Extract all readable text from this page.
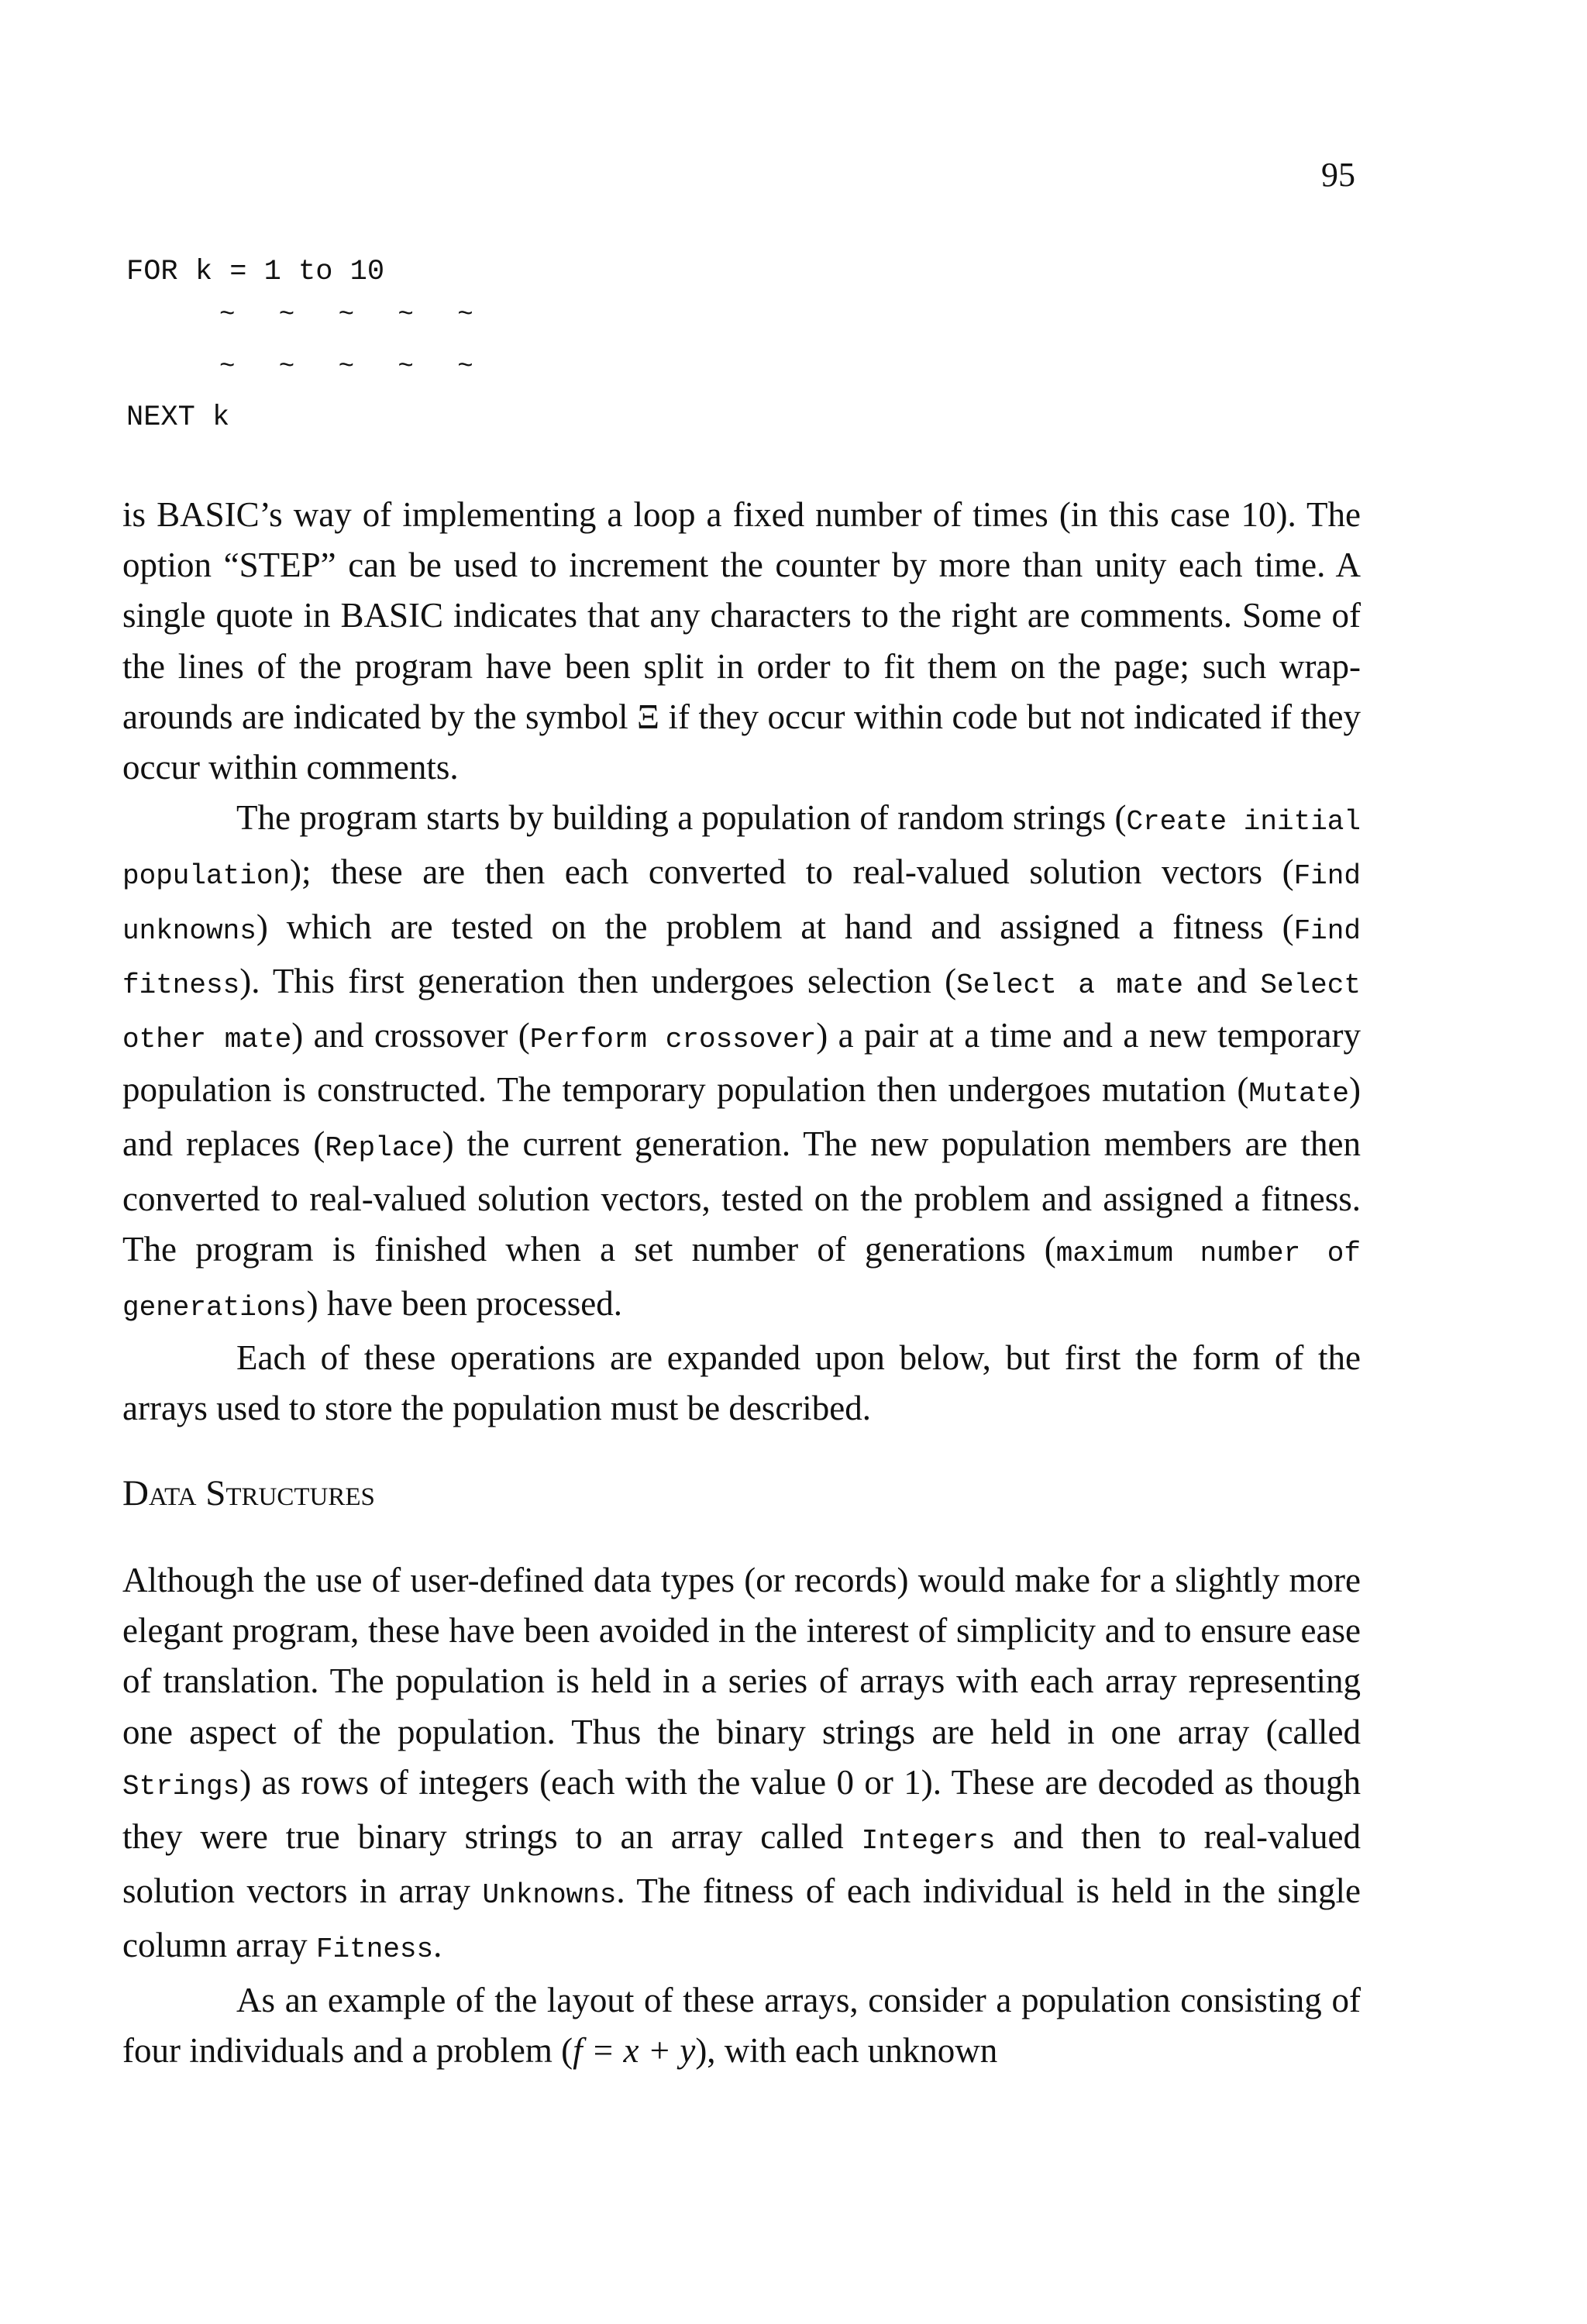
95
FOR k = 1 to 10
~ ~ ~ ~ ~
~ ~ ~ ~ ~
NEXT k

is BASIC’s way of implementing a loop a fixed number of times (in this case 10). The option “STEP” can be used to increment the counter by more than unity each time. A single quote in BASIC indicates that any characters to the right are comments. Some of the lines of the program have been split in order to fit them on the page; such wrap-arounds are indicated by the symbol Ξ if they occur within code but not indicated if they occur within comments.

The program starts by building a population of random strings (Create initial population); these are then each converted to real-valued solution vectors (Find unknowns) which are tested on the problem at hand and assigned a fitness (Find fitness). This first generation then undergoes selection (Select a mate and Select other mate) and crossover (Perform crossover) a pair at a time and a new temporary population is constructed. The temporary population then undergoes mutation (Mutate) and replaces (Replace) the current generation. The new population members are then converted to real-valued solution vectors, tested on the problem and assigned a fitness. The program is finished when a set number of generations (maximum number of generations) have been processed.

Each of these operations are expanded upon below, but first the form of the arrays used to store the population must be described.

Data Structures

Although the use of user-defined data types (or records) would make for a slightly more elegant program, these have been avoided in the interest of simplicity and to ensure ease of translation. The population is held in a series of arrays with each array representing one aspect of the population. Thus the binary strings are held in one array (called Strings) as rows of integers (each with the value 0 or 1). These are decoded as though they were true binary strings to an array called Integers and then to real-valued solution vectors in array Unknowns. The fitness of each individual is held in the single column array Fitness.

As an example of the layout of these arrays, consider a population consisting of four individuals and a problem (f = x + y), with each unknown
